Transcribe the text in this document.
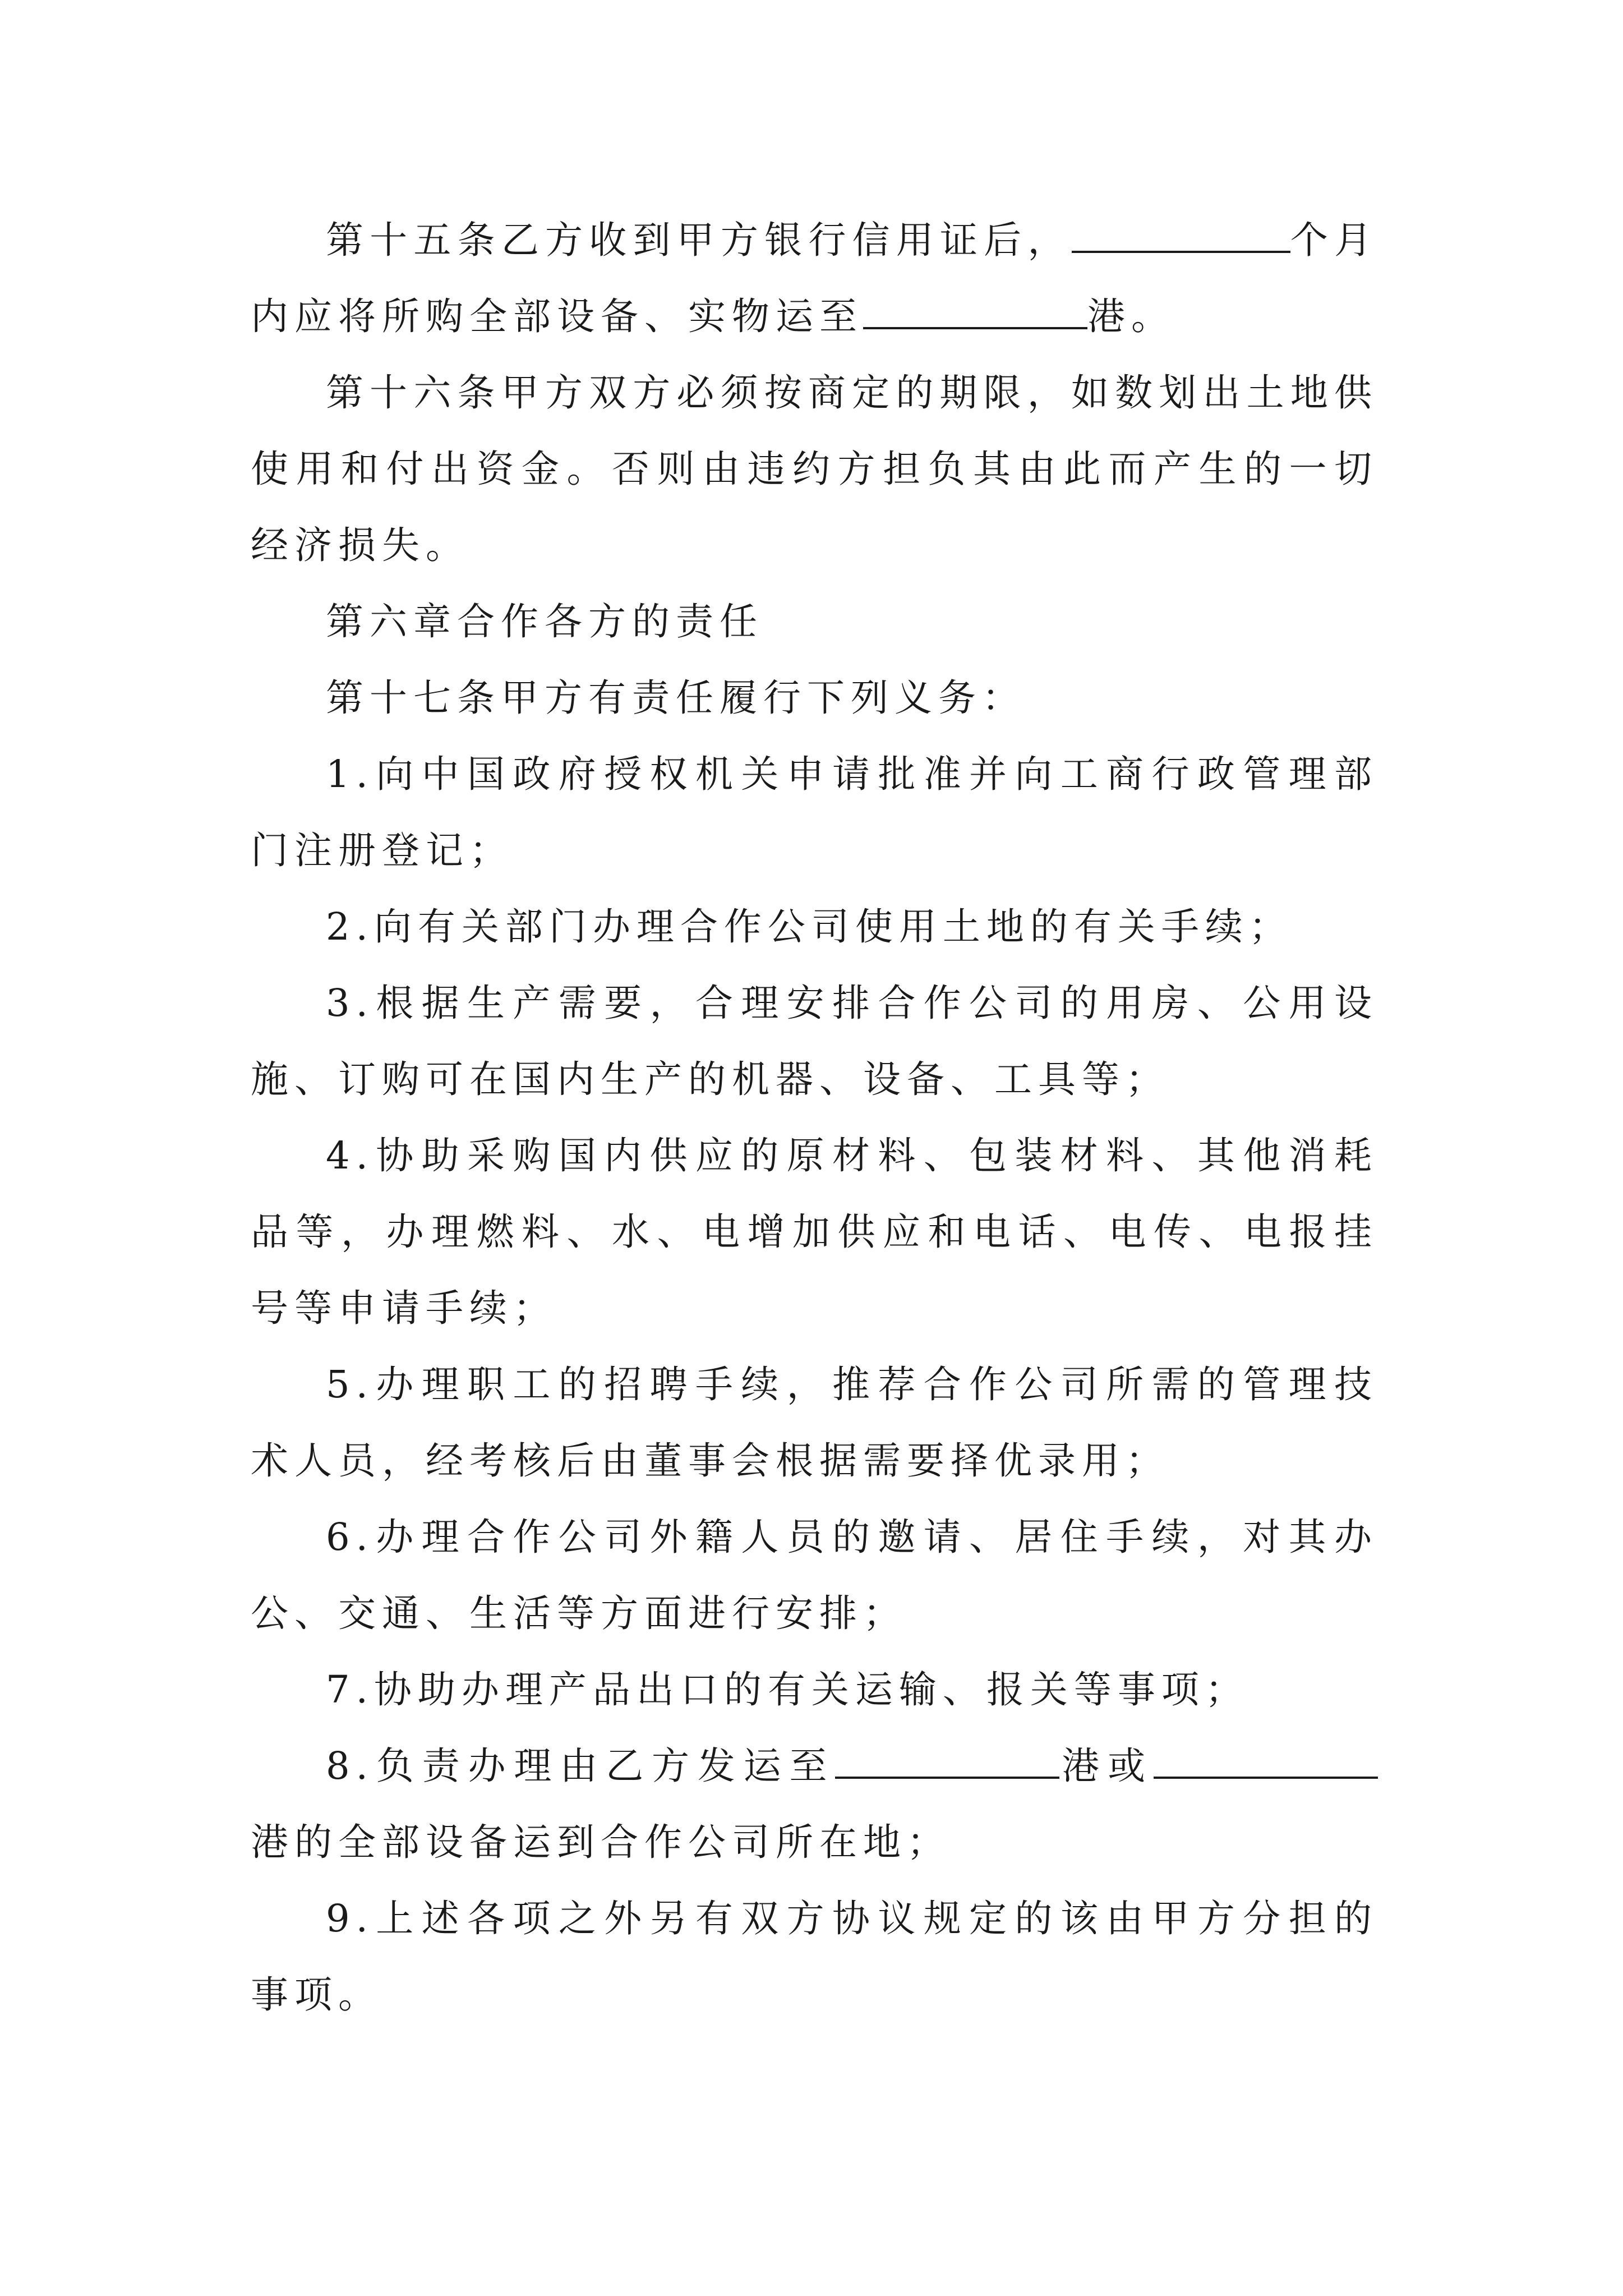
第十五条乙方收到甲方银行信用证后，	个月内应将所购全部设备、实物运至	港。

第十六条甲方双方必须按商定的期限，如数划出土地供使用和付出资金。否则由违约方担负其由此而产生的一切经济损失。

第六章合作各方的责任

第十七条甲方有责任履行下列义务：

1.向中国政府授权机关申请批准并向工商行政管理部门注册登记；

2.向有关部门办理合作公司使用土地的有关手续；

3.根据生产需要，合理安排合作公司的用房、公用设施、订购可在国内生产的机器、设备、工具等；

4.协助采购国内供应的原材料、包装材料、其他消耗品等，办理燃料、水、电增加供应和电话、电传、电报挂号等申请手续；

5.办理职工的招聘手续，推荐合作公司所需的管理技术人员，经考核后由董事会根据需要择优录用；

6.办理合作公司外籍人员的邀请、居住手续，对其办公、交通、生活等方面进行安排；

7.协助办理产品出口的有关运输、报关等事项；

8.负责办理由乙方发运至	港或港的全部设备运到合作公司所在地；

9.上述各项之外另有双方协议规定的该由甲方分担的事项。
